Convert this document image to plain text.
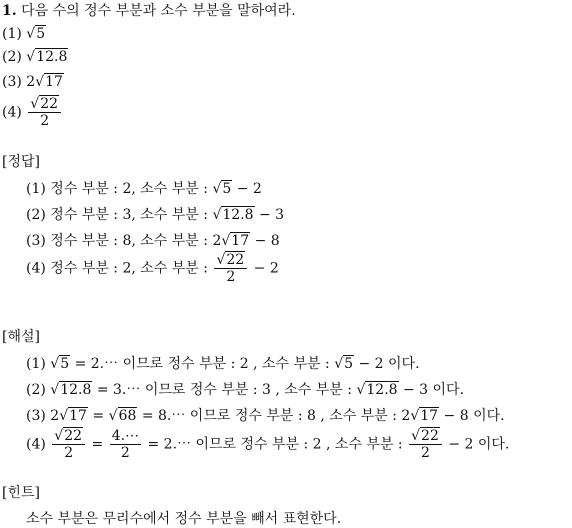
1. 다음 수의 정수 부분과 소수 부분을 말하여라.
(1) √5
(2) √12.8
(3) 2√17
$(4) \frac{√22}{2}$
[정답]
(1) 정수 부분 : 2, 소수 부분 : √5 − 2
(2) 정수 부분 : 3, 소수 부분 : √12.8 − 3
(3) 정수 부분 : 8, 소수 부분 : 2√17 − 8
(4) 정수 부분 : 2, 소수 부분 : $\frac{√22}{2} - 2$
[해설]
(1) √5 = 2.⋯ 이므로 정수 부분 : 2 , 소수 부분 : √5 − 2 이다.
(2) √12.8 = 3.⋯ 이므로 정수 부분 : 3 , 소수 부분 : √12.8 − 3 이다.
(3) 2√17 = √68 = 8.⋯ 이므로 정수 부분 : 8 , 소수 부분 : 2√17 − 8 이다.
$(4) \frac{√22}{2} = \frac{4.\cdots}{2}$ = 2.⋯ 이므로 정수 부분 : 2 , 소수 부분 : $\frac{√22}{2} - 2$ 이다.
[힌트]
소수 부분은 무리수에서 정수 부분을 빼서 표현한다.
